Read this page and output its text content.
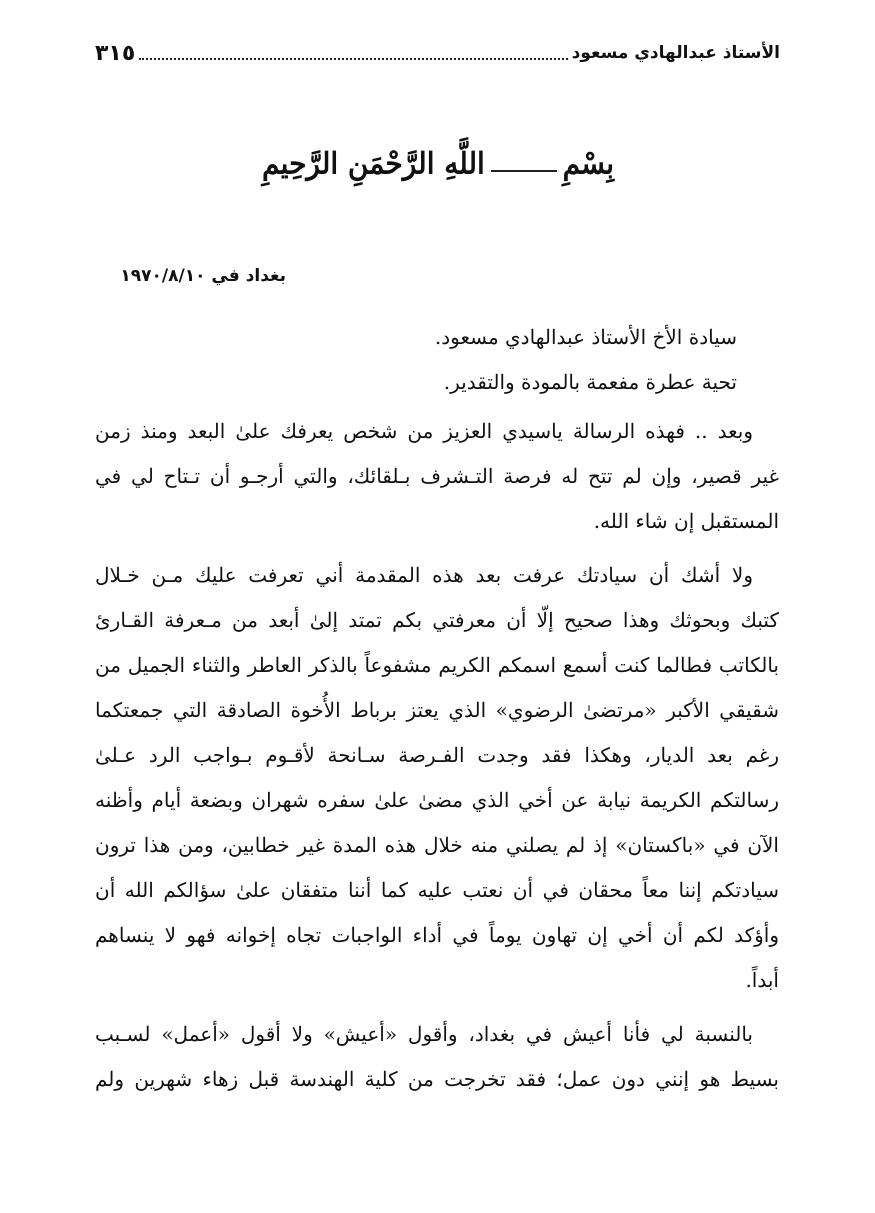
الأستاذ عبدالهادي مسعود
٣١٥
بِسْمِ
اللَّهِ الرَّحْمَنِ الرَّحِيمِ
بغداد في ١٩٧٠/٨/١٠
سيادة الأخ الأستاذ عبدالهادي مسعود.
تحية عطرة مفعمة بالمودة والتقدير.
وبعد .. فهذه الرسالة ياسيدي العزيز من شخص يعرفك علىٰ البعد ومنذ زمن
غير قصير، وإن لم تتح له فرصة التـشرف بـلقائك، والتي أرجـو أن تـتاح لي في
المستقبل إن شاء الله.
ولا أشك أن سيادتك عرفت بعد هذه المقدمة أني تعرفت عليك مـن خـلال
كتبك وبحوثك وهذا صحيح إلّا أن معرفتي بكم تمتد إلىٰ أبعد من مـعرفة القـارئ
بالكاتب فطالما كنت أسمع اسمكم الكريم مشفوعاً بالذكر العاطر والثناء الجميل من
شقيقي الأكبر «مرتضىٰ الرضوي» الذي يعتز برباط الأُخوة الصادقة التي جمعتكما
رغم بعد الديار، وهكذا فقد وجدت الفـرصة سـانحة لأقـوم بـواجب الرد عـلىٰ
رسالتكم الكريمة نيابة عن أخي الذي مضىٰ علىٰ سفره شهران وبضعة أيام وأظنه
الآن في «باكستان» إذ لم يصلني منه خلال هذه المدة غير خطابين، ومن هذا ترون
سيادتكم إننا معاً محقان في أن نعتب عليه كما أننا متفقان علىٰ سؤالكم الله أن
وأؤكد لكم أن أخي إن تهاون يوماً في أداء الواجبات تجاه إخوانه فهو لا ينساهم
أبداً.
بالنسبة لي فأنا أعيش في بغداد، وأقول «أعيش» ولا أقول «أعمل» لسـبب
بسيط هو إنني دون عمل؛ فقد تخرجت من كلية الهندسة قبل زهاء شهرين ولم
